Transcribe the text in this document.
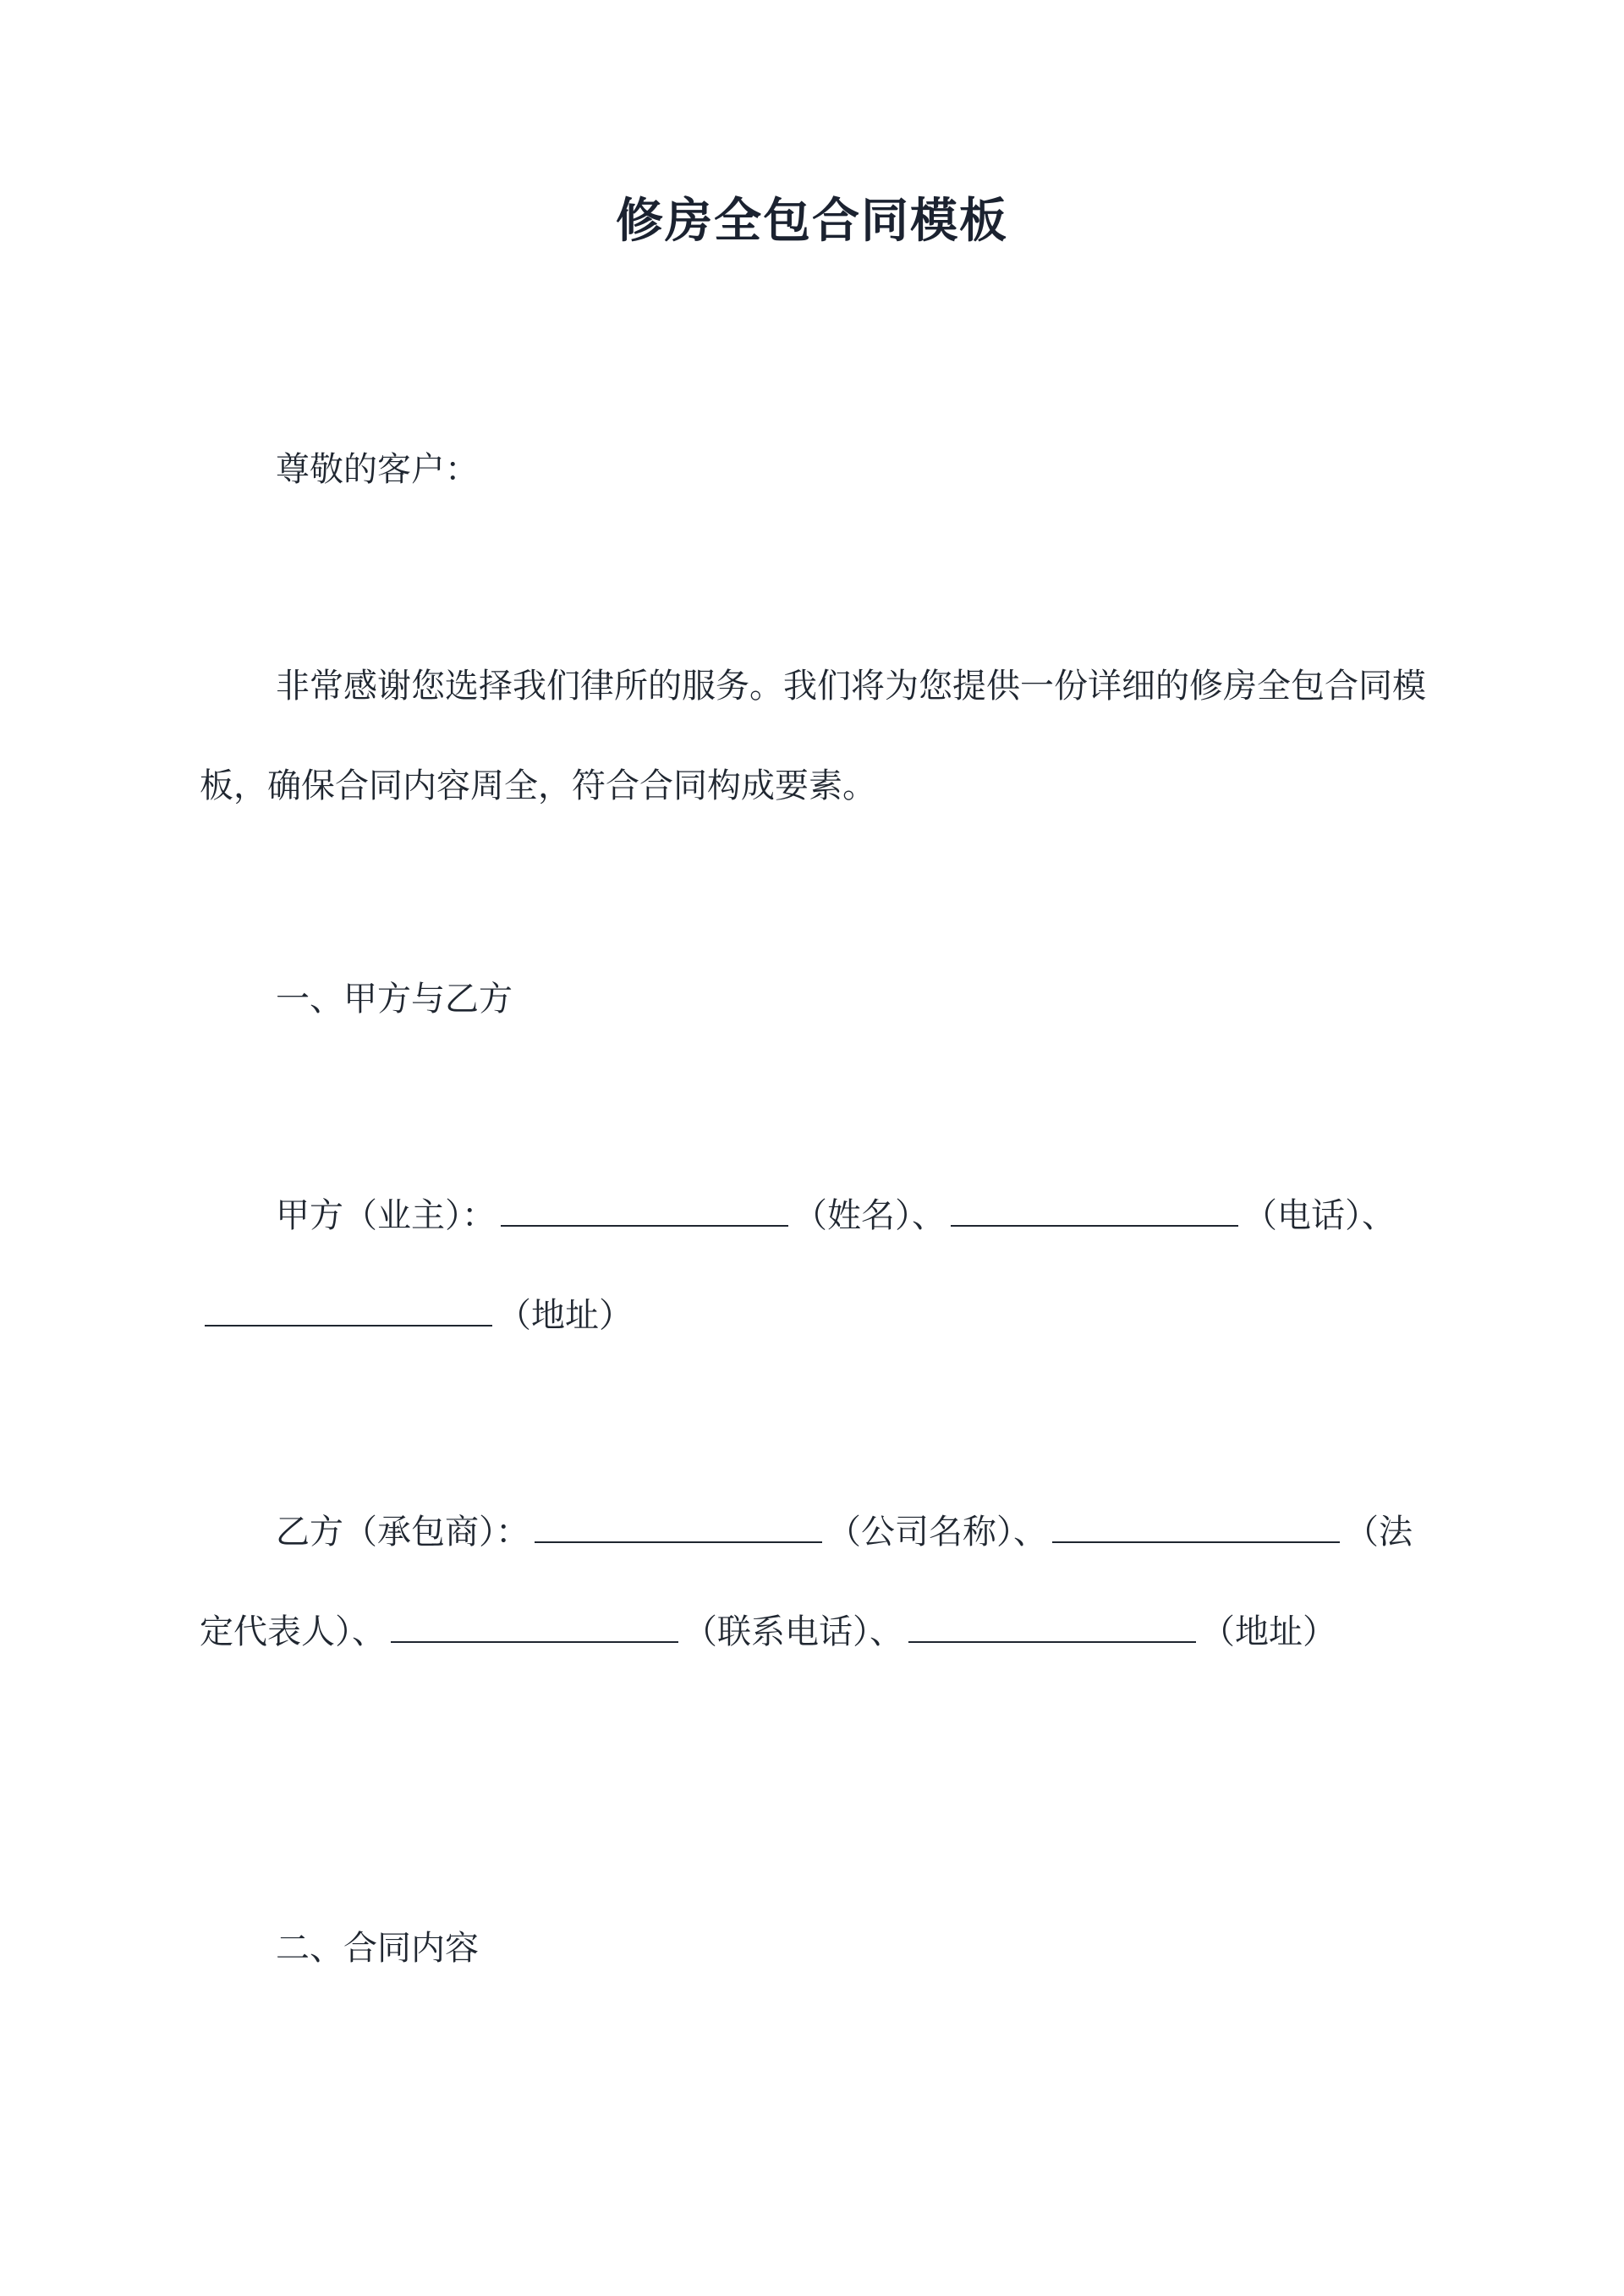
修房全包合同模板

尊敬的客户：

非常感谢您选择我们律所的服务。我们将为您提供一份详细的修房全包合同模板，确保合同内容周全，符合合同构成要素。

一、甲方与乙方

甲方（业主）：	（姓名）、	（电话）、（地址）

乙方（承包商）：	（公司名称）、	（法定代表人）、	（联系电话）、	（地址）

二、合同内容
